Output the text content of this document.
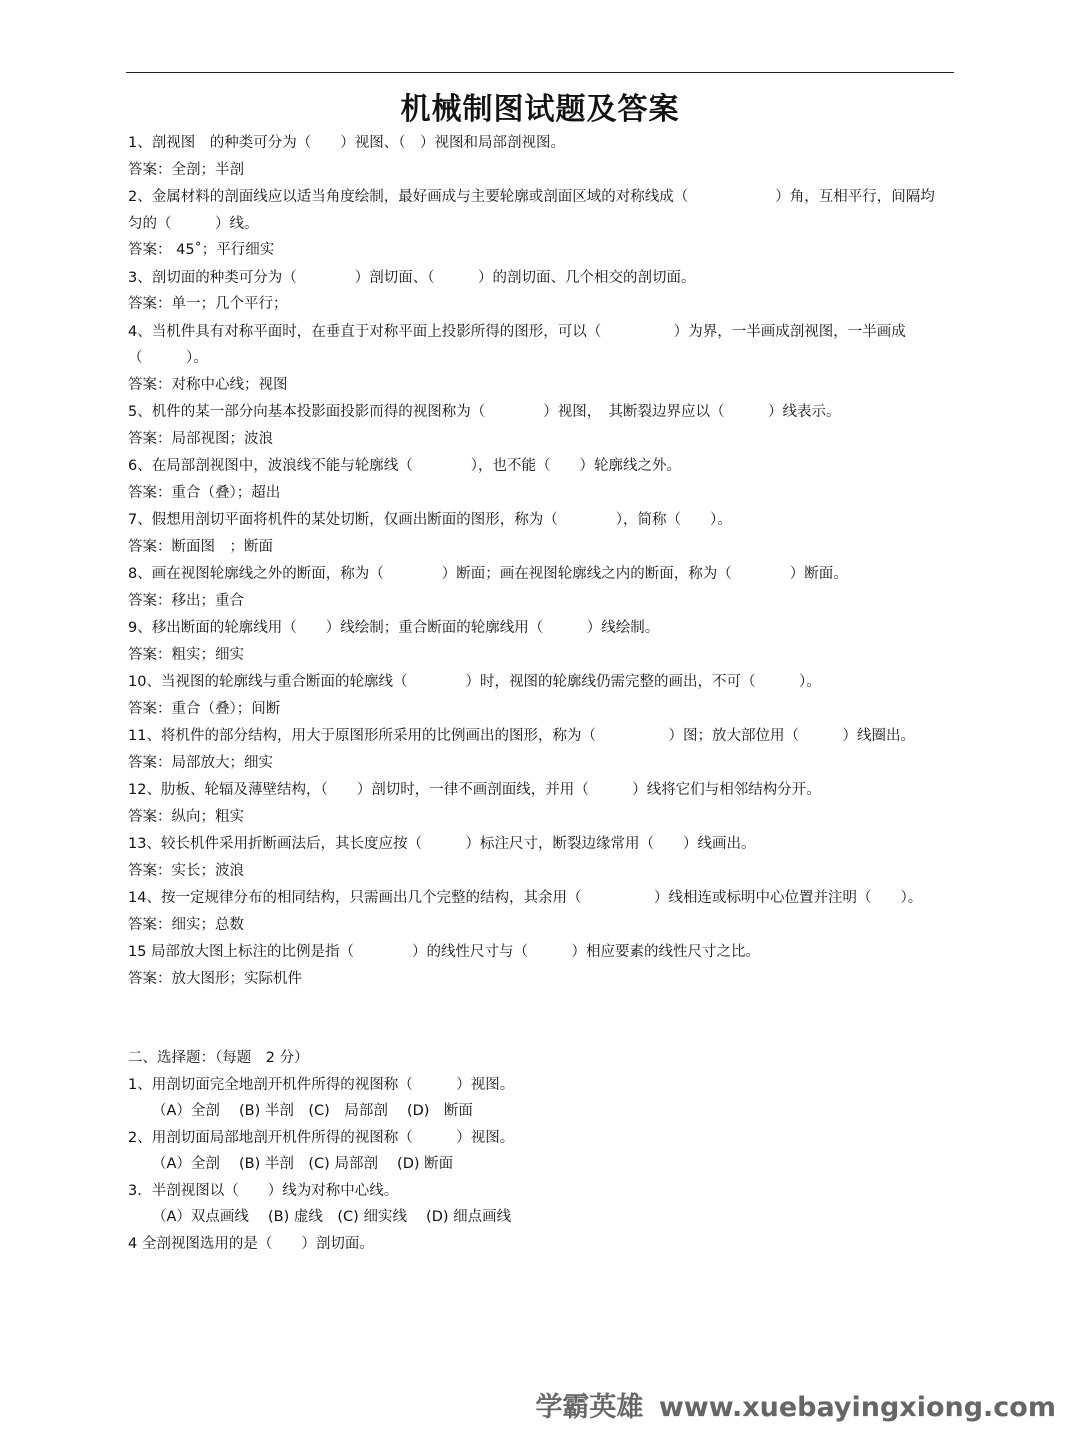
机械制图试题及答案
1、剖视图　的种类可分为（　　）视图、（　）视图和局部剖视图。
答案：全剖；半剖
2、金属材料的剖面线应以适当角度绘制，最好画成与主要轮廓或剖面区域的对称线成（　　　　　　）角，互相平行，间隔均匀的（　　　）线。
答案： 45˚；平行细实
3、剖切面的种类可分为（　　　　）剖切面、（　　　）的剖切面、几个相交的剖切面。
答案：单一；几个平行；
4、当机件具有对称平面时，在垂直于对称平面上投影所得的图形，可以（　　　　　）为界，一半画成剖视图，一半画成（　　　）。
答案：对称中心线；视图
5、机件的某一部分向基本投影面投影而得的视图称为（　　　　）视图，　其断裂边界应以（　　　）线表示。
答案：局部视图；波浪
6、在局部剖视图中，波浪线不能与轮廓线（　　　　），也不能（　　）轮廓线之外。
答案：重合（叠）；超出
7、假想用剖切平面将机件的某处切断，仅画出断面的图形，称为（　　　　），简称（　　）。
答案：断面图　；断面
8、画在视图轮廓线之外的断面，称为（　　　　）断面；画在视图轮廓线之内的断面，称为（　　　　）断面。
答案：移出；重合
9、移出断面的轮廓线用（　　）线绘制；重合断面的轮廓线用（　　　）线绘制。
答案：粗实；细实
10、当视图的轮廓线与重合断面的轮廓线（　　　　）时，视图的轮廓线仍需完整的画出，不可（　　　）。
答案：重合（叠）；间断
11、将机件的部分结构，用大于原图形所采用的比例画出的图形，称为（　　　　　）图；放大部位用（　　　）线圈出。
答案：局部放大；细实
12、肋板、轮辐及薄壁结构，（　　）剖切时，一律不画剖面线，并用（　　　）线将它们与相邻结构分开。
答案：纵向；粗实
13、较长机件采用折断画法后，其长度应按（　　　）标注尺寸，断裂边缘常用（　　）线画出。
答案：实长；波浪
14、按一定规律分布的相同结构，只需画出几个完整的结构，其余用（　　　　　）线相连或标明中心位置并注明（　　）。
答案：细实；总数
15 局部放大图上标注的比例是指（　　　　）的线性尺寸与（　　　）相应要素的线性尺寸之比。
答案：放大图形；实际机件
二、选择题：（每题　2 分）
1、用剖切面完全地剖开机件所得的视图称（　　　）视图。
（A）全剖　 (B) 半剖　(C)　局部剖　 (D)　断面
2、用剖切面局部地剖开机件所得的视图称（　　　）视图。
（A）全剖　 (B) 半剖　(C) 局部剖　 (D) 断面
3．半剖视图以（　　）线为对称中心线。
（A）双点画线　 (B) 虚线　(C) 细实线　 (D) 细点画线
4 全剖视图选用的是（　　）剖切面。
学霸英雄 www.xuebayingxiong.com
